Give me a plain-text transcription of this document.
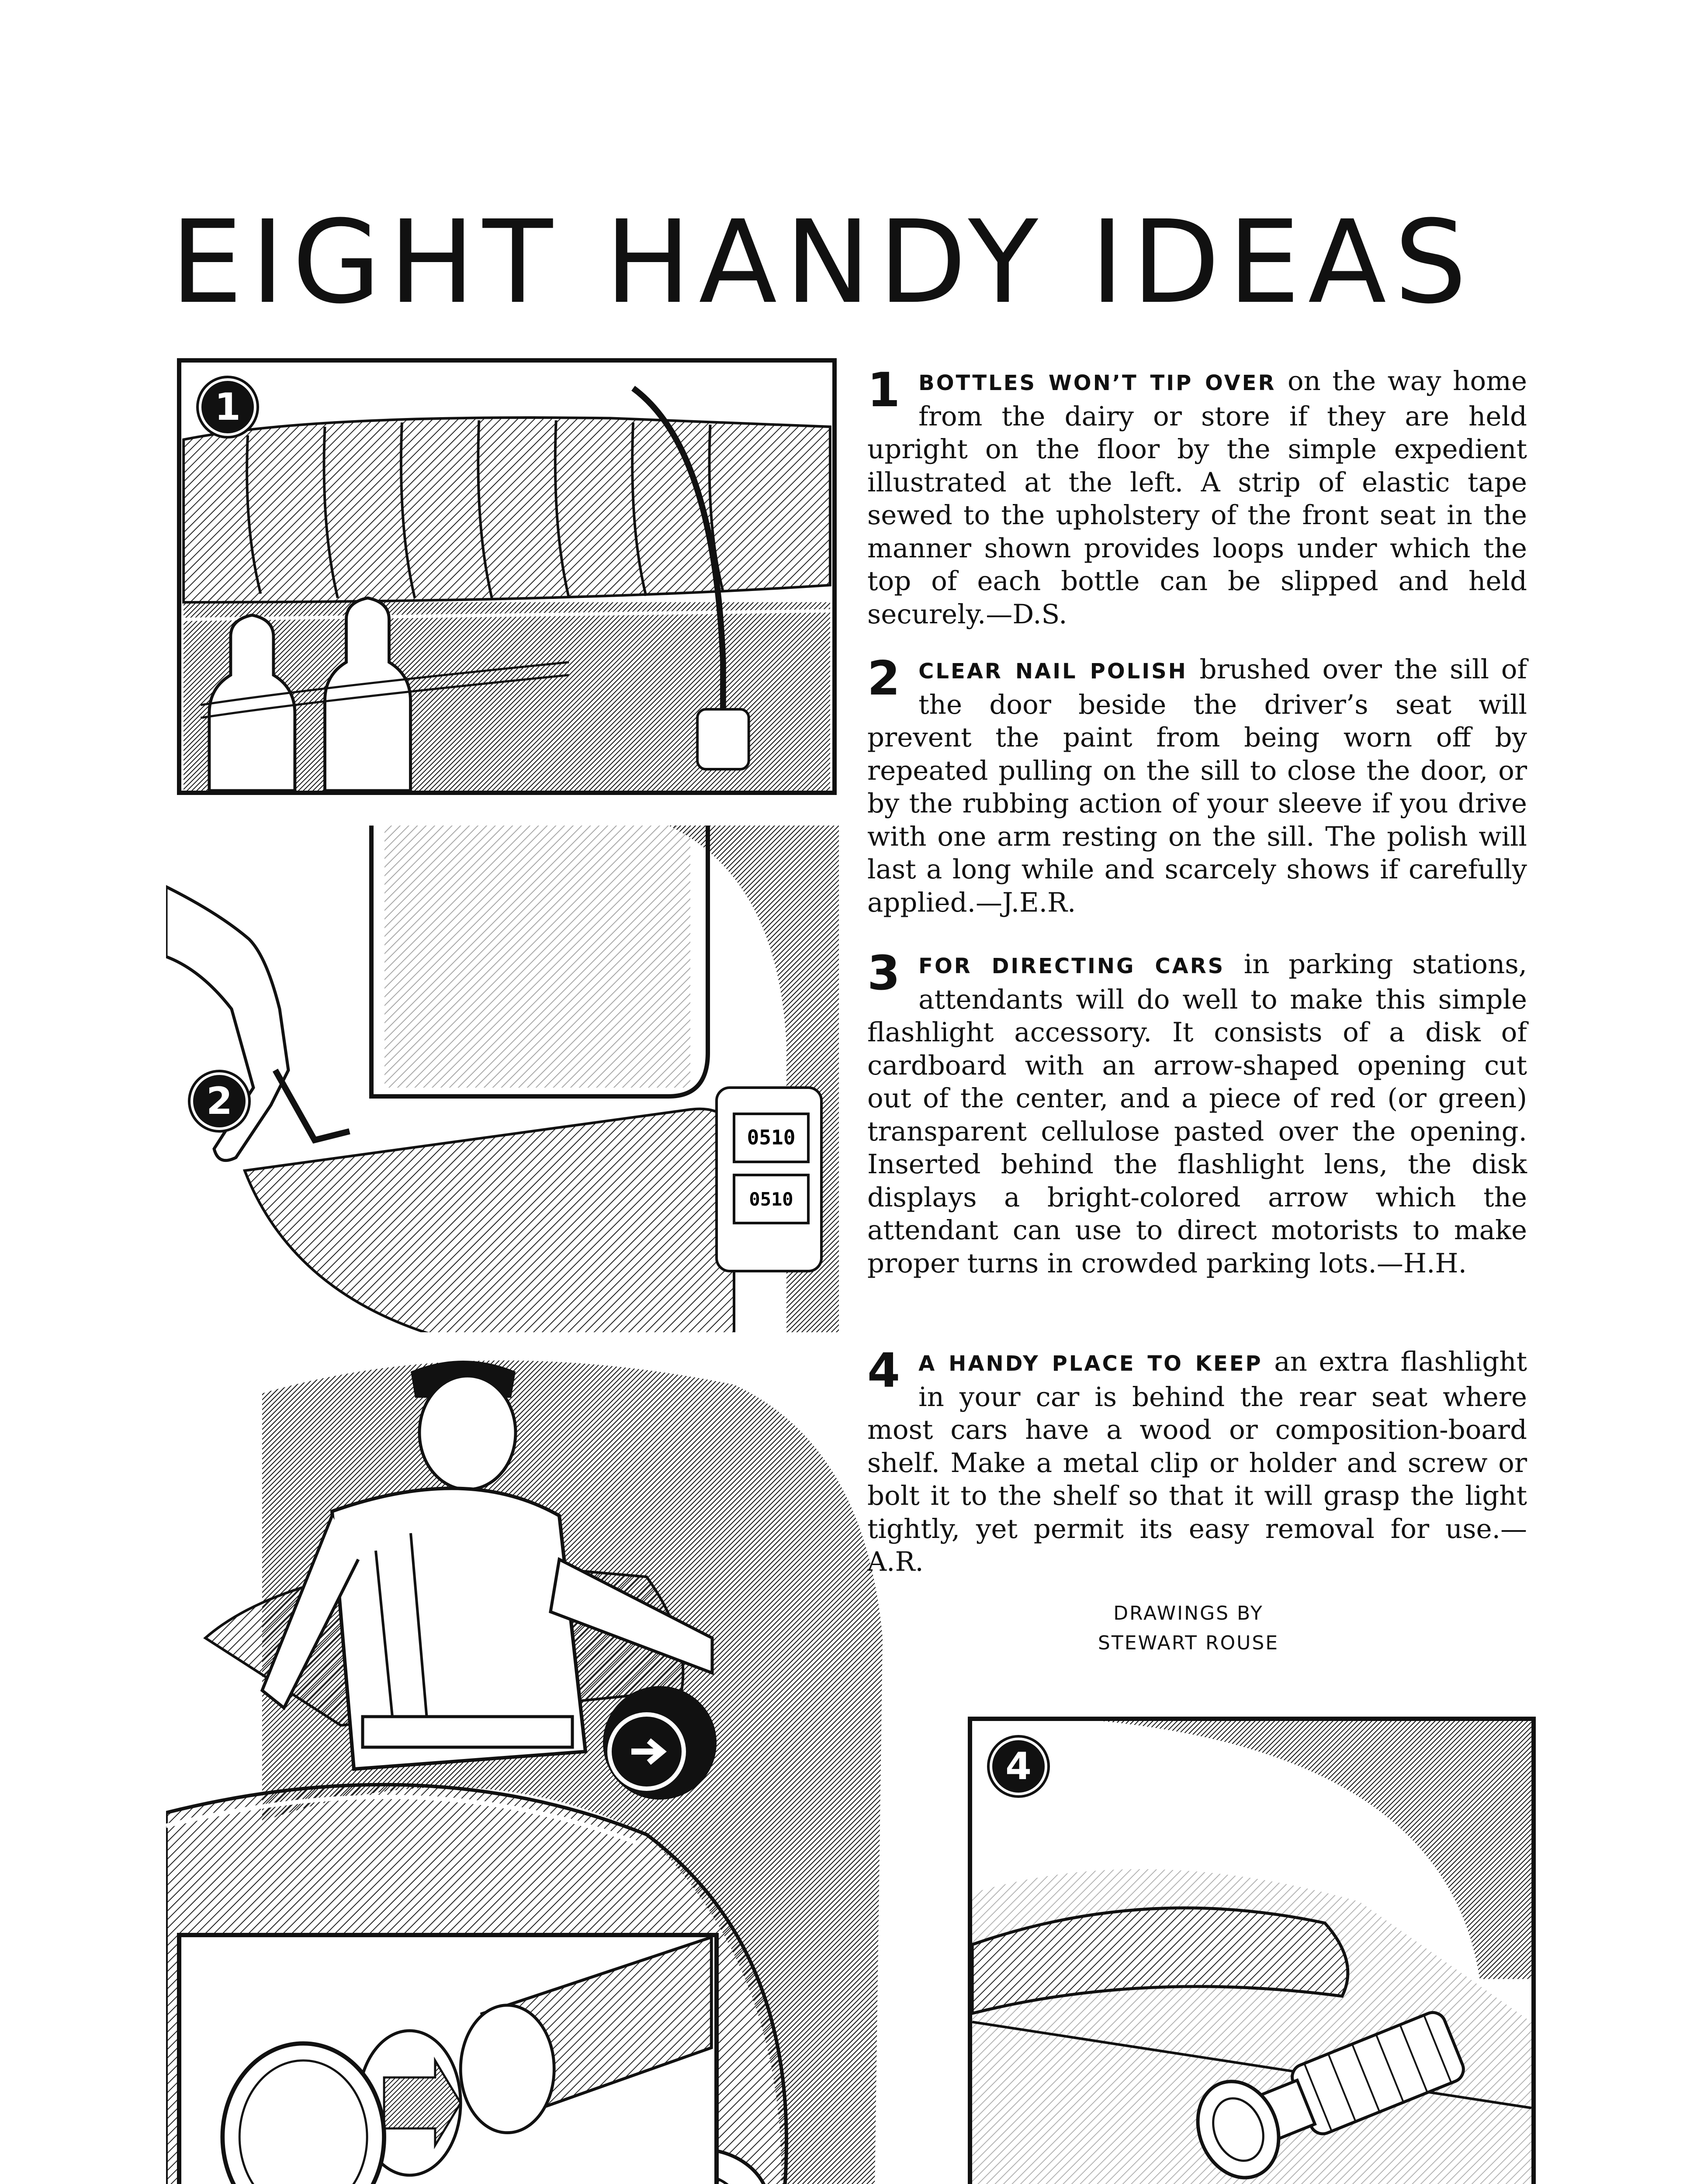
EIGHT HANDY IDEAS
1
0510
0510
2
4
1 BOTTLES WON’T TIP OVER on the way home from the dairy or store if they are held upright on the floor by the simple expedient illustrated at the left. A strip of elastic tape sewed to the upholstery of the front seat in the manner shown provides loops under which the top of each bottle can be slipped and held securely.—D.S.
2 CLEAR NAIL POLISH brushed over the sill of the door beside the driver’s seat will prevent the paint from being worn off by repeated pulling on the sill to close the door, or by the rubbing action of your sleeve if you drive with one arm resting on the sill. The polish will last a long while and scarcely shows if carefully applied.—J.E.R.
3 FOR DIRECTING CARS in parking stations, attendants will do well to make this simple flashlight accessory. It consists of a disk of cardboard with an arrow-shaped opening cut out of the center, and a piece of red (or green) transparent cellulose pasted over the opening. Inserted behind the flashlight lens, the disk displays a bright-colored arrow which the attendant can use to direct motorists to make proper turns in crowded parking lots.—H.H.
4 A HANDY PLACE TO KEEP an extra flashlight in your car is behind the rear seat where most cars have a wood or composition-board shelf. Make a metal clip or holder and screw or bolt it to the shelf so that it will grasp the light tightly, yet permit its easy removal for use.—A.R.
DRAWINGS BY
STEWART ROUSE
